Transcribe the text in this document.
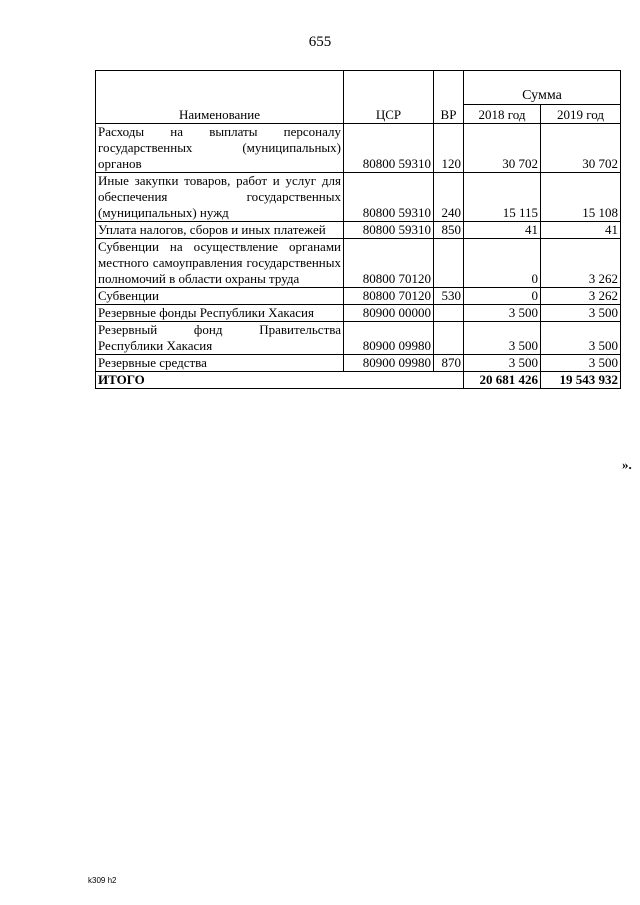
655
Наименование	ЦСР	ВР	Сумма	
			2018 год	2019 год
Расходы на выплаты персоналу государственных (муниципальных) органов	80800 59310	120	30 702	30 702
Иные закупки товаров, работ и услуг для обеспечения государственных (муниципальных) нужд	80800 59310	240	15 115	15 108
Уплата налогов, сборов и иных платежей	80800 59310	850	41	41
Субвенции на осуществление органами местного самоуправления государственных полномочий в области охраны труда	80800 70120		0	3 262
Субвенции	80800 70120	530	0	3 262
Резервные фонды Республики Хакасия	80900 00000		3 500	3 500
Резервный фонд Правительства Республики Хакасия	80900 09980		3 500	3 500
Резервные средства	80900 09980	870	3 500	3 500
ИТОГО			20 681 426	19 543 932
».
k309 h2
